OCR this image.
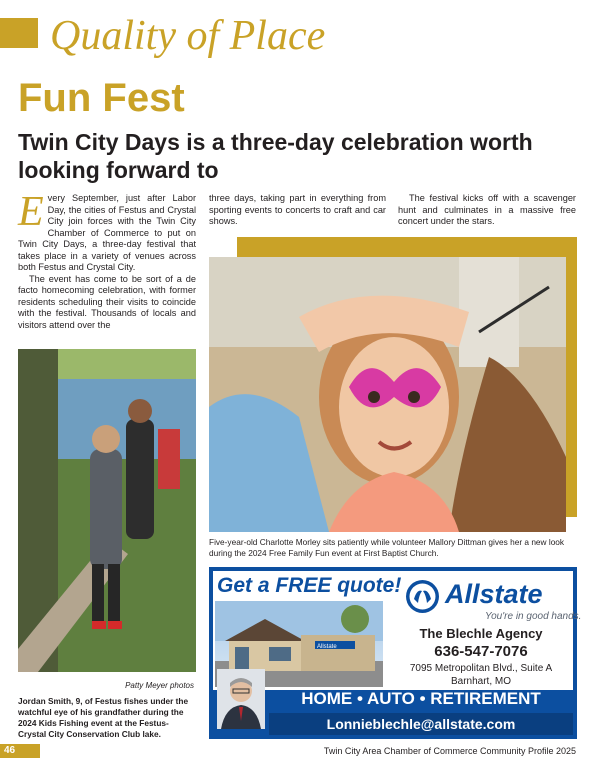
Quality of Place
Fun Fest
Twin City Days is a three-day celebration worth looking forward to
E very September, just after Labor Day, the cities of Festus and Crystal City join forces with the Twin City Chamber of Commerce to put on Twin City Days, a three-day festival that takes place in a variety of venues across both Festus and Crystal City.

The event has come to be sort of a de facto homecoming celebration, with former residents scheduling their visits to coincide with the festival. Thousands of locals and visitors attend over the

three days, taking part in everything from sporting events to concerts to craft and car shows.

The festival kicks off with a scavenger hunt and culminates in a massive free concert under the stars.

Five-year-old Charlotte Morley sits patiently while volunteer Mallory Dittman gives her a new look during the 2024 Free Family Fun event at First Baptist Church.
Patty Meyer photos
Jordan Smith, 9, of Festus fishes under the watchful eye of his grandfather during the 2024 Kids Fishing event at the Festus-Crystal City Conservation Club lake.
Get a FREE quote!
Allstate
Allstate
You're in good hands.
The Blechle Agency
636-547-7076
7095 Metropolitan Blvd., Suite A
Barnhart, MO
HOME • AUTO • RETIREMENT
Lonnieblechle@allstate.com
46	Twin City Area Chamber of Commerce Community Profile 2025
